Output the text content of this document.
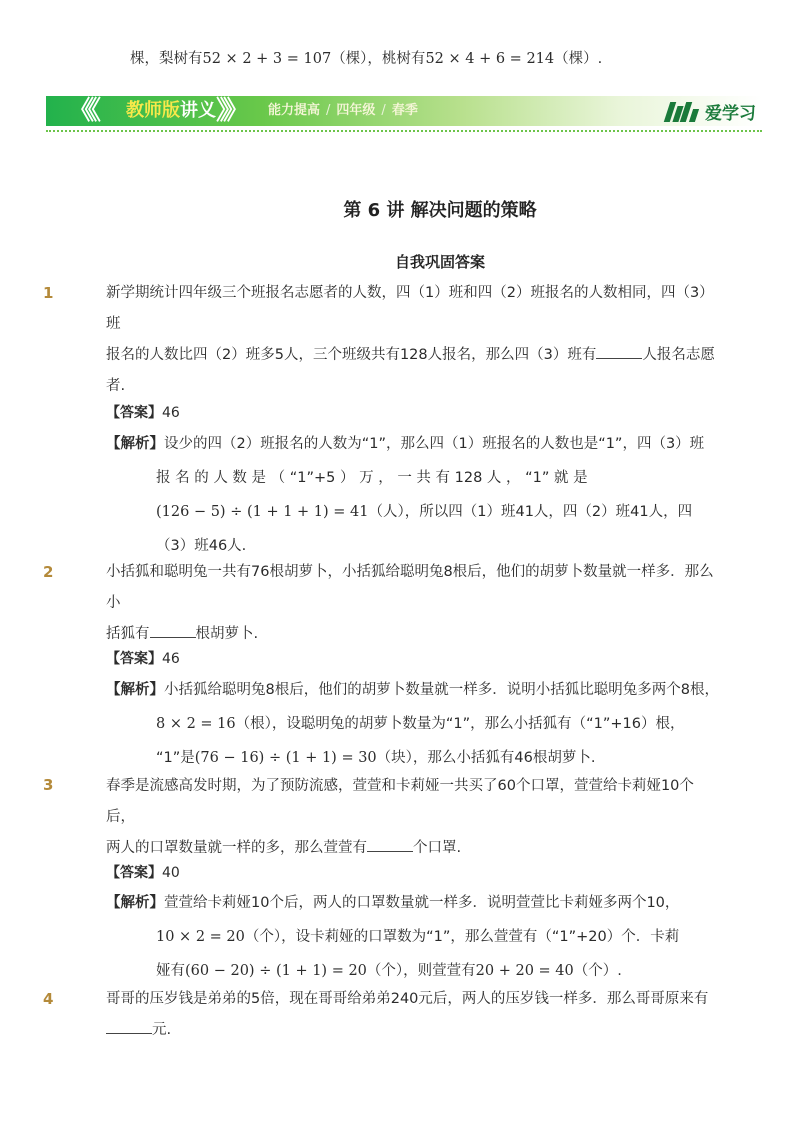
棵，梨树有52 × 2 + 3 = 107（棵），桃树有52 × 4 + 6 = 214（棵）.
《《 教师版讲义 》》 能力提高 / 四年级 / 春季	爱学习
第 6 讲 解决问题的策略
自我巩固答案
1	新学期统计四年级三个班报名志愿者的人数，四（1）班和四（2）班报名的人数相同，四（3）班
报名的人数比四（2）班多5人，三个班级共有128人报名，那么四（3）班有	人报名志愿
者.
【答案】46
【解析】设少的四（2）班报名的人数为“1”，那么四（1）班报名的人数也是“1”，四（3）班
报 名 的 人 数 是 （ “1”+5 ） 万 ， 一 共 有 128 人 ， “1” 就 是
(126 − 5) ÷ (1 + 1 + 1) = 41（人），所以四（1）班41人，四（2）班41人，四
（3）班46人.
2	小括狐和聪明兔一共有76根胡萝卜，小括狐给聪明兔8根后，他们的胡萝卜数量就一样多．那么小
括狐有	根胡萝卜.
【答案】46
【解析】小括狐给聪明兔8根后，他们的胡萝卜数量就一样多．说明小括狐比聪明兔多两个8根，
8 × 2 = 16（根），设聪明兔的胡萝卜数量为“1”，那么小括狐有（“1”+16）根，
“1”是(76 − 16) ÷ (1 + 1) = 30（块），那么小括狐有46根胡萝卜.
3	春季是流感高发时期，为了预防流感，萱萱和卡莉娅一共买了60个口罩，萱萱给卡莉娅10个后，
两人的口罩数量就一样的多，那么萱萱有	个口罩.
【答案】40
【解析】萱萱给卡莉娅10个后，两人的口罩数量就一样多．说明萱萱比卡莉娅多两个10，
10 × 2 = 20（个），设卡莉娅的口罩数为“1”，那么萱萱有（“1”+20）个．卡莉
娅有(60 − 20) ÷ (1 + 1) = 20（个），则萱萱有20 + 20 = 40（个）.
4	哥哥的压岁钱是弟弟的5倍，现在哥哥给弟弟240元后，两人的压岁钱一样多．那么哥哥原来有
元.
